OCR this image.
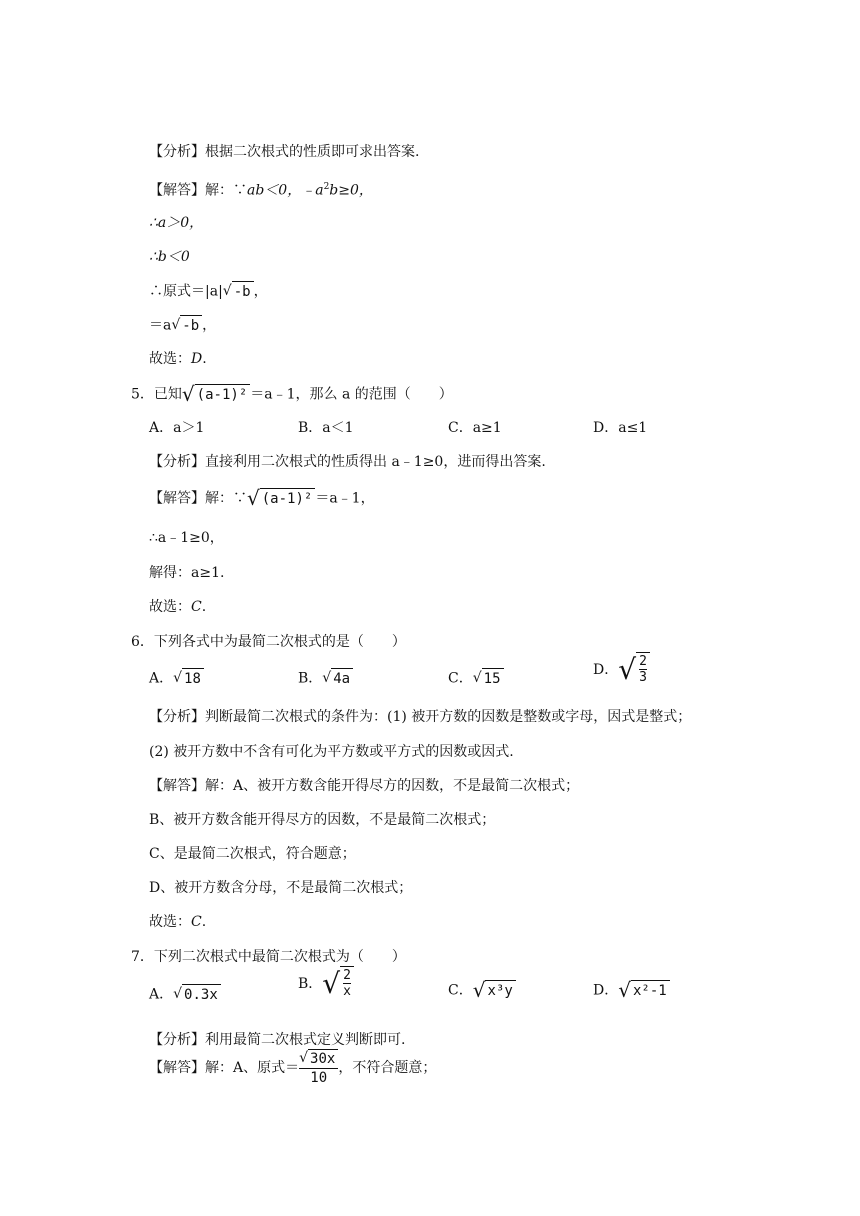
【分析】根据二次根式的性质即可求出答案.
【解答】解：∵ab＜0，$﹣a^2b\ge 0$，
∴a＞0，
∴b＜0
∴原式＝|a| √ -b ，
＝a √ -b ，
故选：D.
5．已知 √ (a-1)² ＝a﹣1，那么 a 的范围（　　）
A．a＞1	B．a＜1	C．a≥1	D．a≤1
【分析】直接利用二次根式的性质得出 a﹣1≥0，进而得出答案.
【解答】解：∵ √ (a-1)² ＝a﹣1，
∴a﹣1≥0，
解得：a≥1.
故选：C.
6．下列各式中为最简二次根式的是（　　）
A． √ 18	B． √ 4a	C． √ 15
D． √ $\frac{2}{3}$
【分析】判断最简二次根式的条件为：(1) 被开方数的因数是整数或字母，因式是整式；
(2) 被开方数中不含有可化为平方数或平方式的因数或因式.
【解答】解：A、被开方数含能开得尽方的因数，不是最简二次根式；
B、被开方数含能开得尽方的因数，不是最简二次根式；
C、是最简二次根式，符合题意；
D、被开方数含分母，不是最简二次根式；
故选：C.
7．下列二次根式中最简二次根式为（　　）
A． √ 0.3x
B． √ $\frac{2}{x}$	C． √ x³y	D． √ x²-1
【分析】利用最简二次根式定义判断即可.
【解答】解：A、原式＝ $\frac{√ 30x}{10}$ ，不符合题意；
